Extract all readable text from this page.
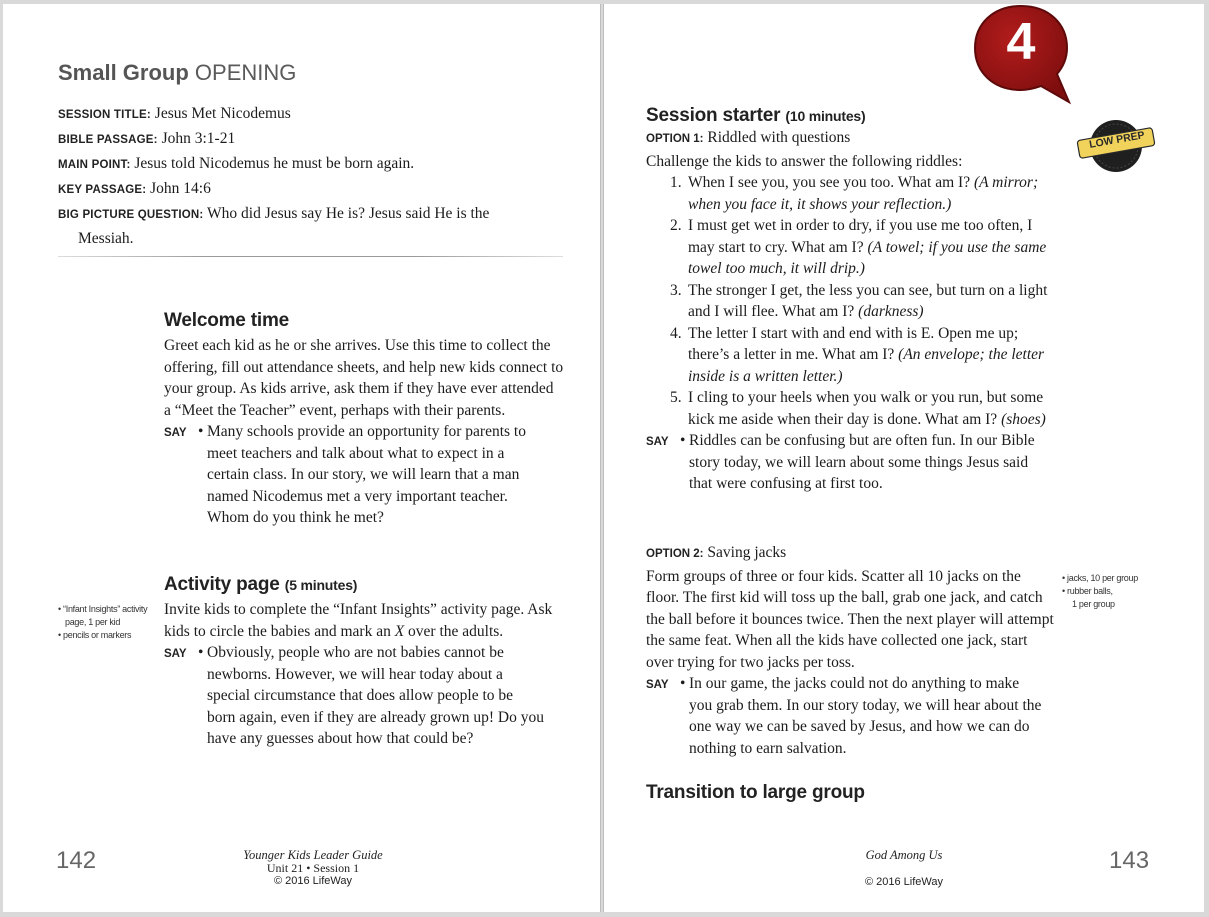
Small Group OPENING
SESSION TITLE: Jesus Met Nicodemus
BIBLE PASSAGE: John 3:1-21
MAIN POINT: Jesus told Nicodemus he must be born again.
KEY PASSAGE: John 14:6
BIG PICTURE QUESTION: Who did Jesus say He is? Jesus said He is the
Messiah.
Welcome time

Greet each kid as he or she arrives. Use this time to collect the offering, fill out attendance sheets, and help new kids connect to your group. As kids arrive, ask them if they have ever attended a “Meet the Teacher” event, perhaps with their parents.

SAY • Many schools provide an opportunity for parents to meet teachers and talk about what to expect in a certain class. In our story, we will learn that a man named Nicodemus met a very important teacher. Whom do you think he met?
Activity page (5 minutes)

Invite kids to complete the “Infant Insights” activity page. Ask kids to circle the babies and mark an X over the adults.

SAY • Obviously, people who are not babies cannot be newborns. However, we will hear today about a special circumstance that does allow people to be born again, even if they are already grown up! Do you have any guesses about how that could be?
• “Infant Insights” activity
page, 1 per kid
• pencils or markers
142	Younger Kids Leader Guide
Unit 21 • Session 1
© 2016 LifeWay
4
LOW PREP
Session starter (10 minutes)
OPTION 1: Riddled with questions
Challenge the kids to answer the following riddles:
1. When I see you, you see you too. What am I? (A mirror; when you face it, it shows your reflection.)
2. I must get wet in order to dry, if you use me too often, I may start to cry. What am I? (A towel; if you use the same towel too much, it will drip.)
3. The stronger I get, the less you can see, but turn on a light and I will flee. What am I? (darkness)
4. The letter I start with and end with is E. Open me up; there’s a letter in me. What am I? (An envelope; the letter inside is a written letter.)
5. I cling to your heels when you walk or you run, but some kick me aside when their day is done. What am I? (shoes)
SAY • Riddles can be confusing but are often fun. In our Bible story today, we will learn about some things Jesus said that were confusing at first too.
OPTION 2: Saving jacks

Form groups of three or four kids. Scatter all 10 jacks on the floor. The first kid will toss up the ball, grab one jack, and catch the ball before it bounces twice. Then the next player will attempt the same feat. When all the kids have collected one jack, start over trying for two jacks per toss.

SAY • In our game, the jacks could not do anything to make you grab them. In our story today, we will hear about the one way we can be saved by Jesus, and how we can do nothing to earn salvation.
• jacks, 10 per group
• rubber balls,
1 per group
Transition to large group
God Among Us
© 2016 LifeWay
143
